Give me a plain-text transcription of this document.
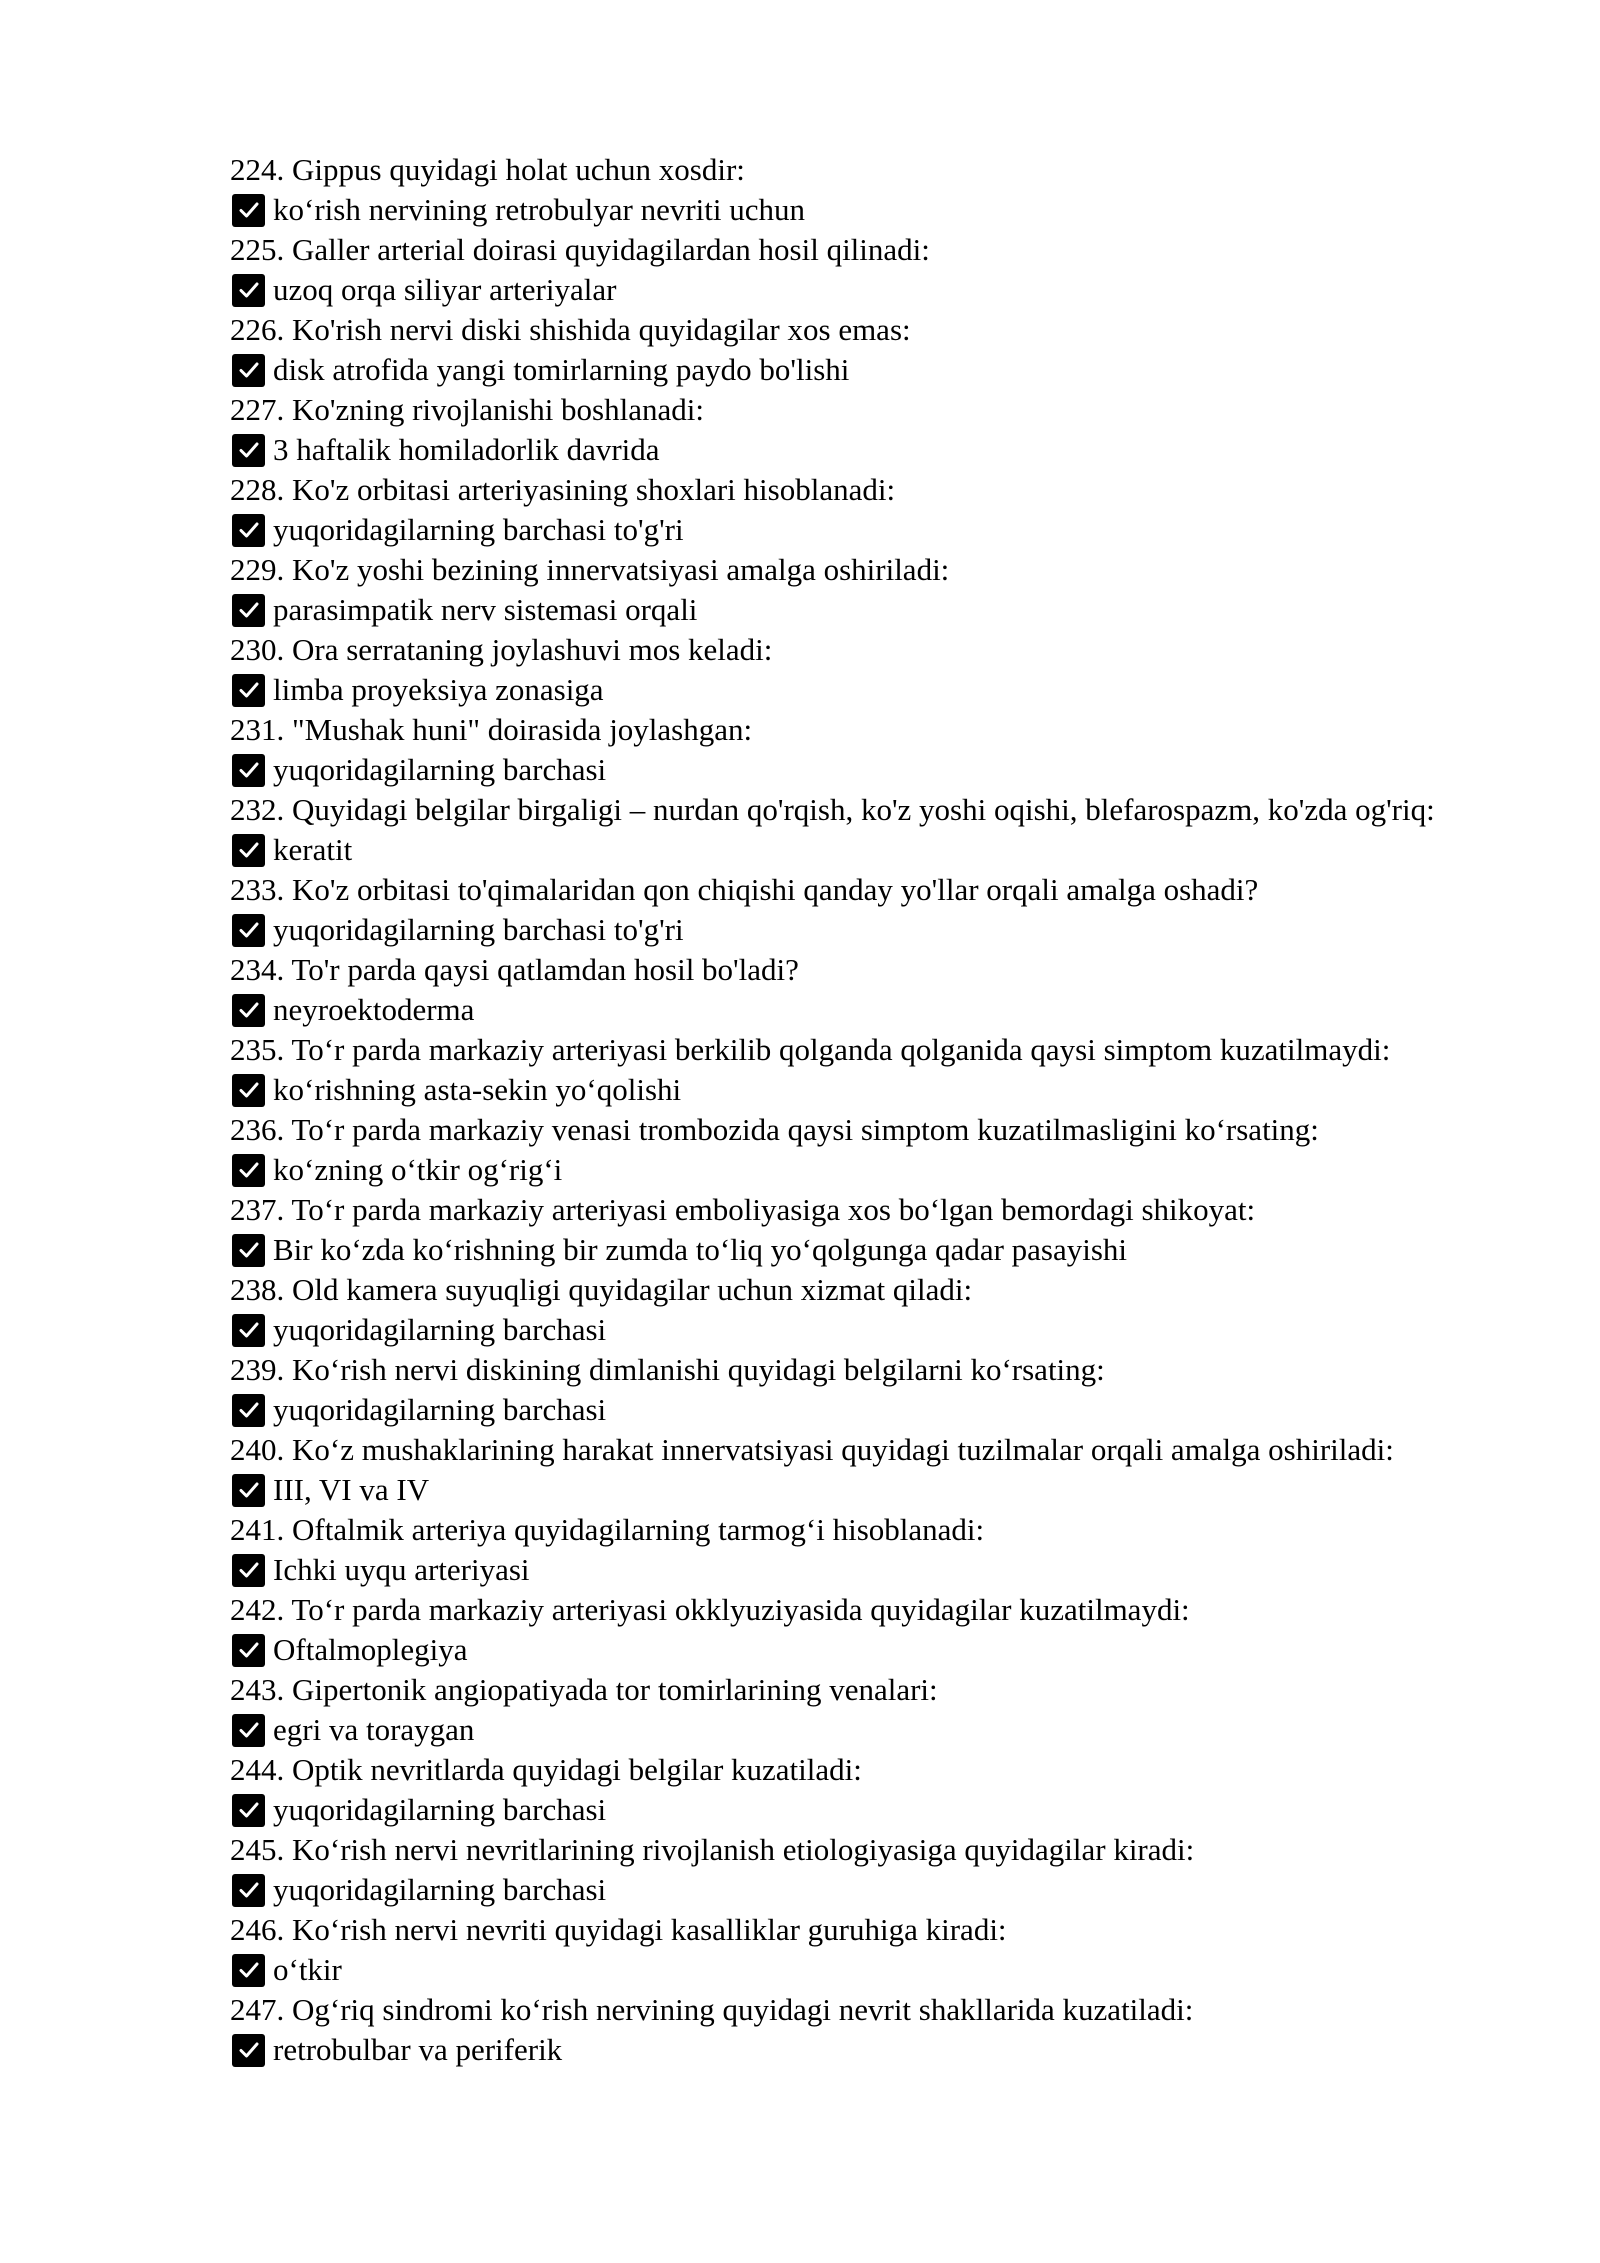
224. Gippus quyidagi holat uchun xosdir:
ko‘rish nervining retrobulyar nevriti uchun
225. Galler arterial doirasi quyidagilardan hosil qilinadi:
uzoq orqa siliyar arteriyalar
226. Ko'rish nervi diski shishida quyidagilar xos emas:
disk atrofida yangi tomirlarning paydo bo'lishi
227. Ko'zning rivojlanishi boshlanadi:
3 haftalik homiladorlik davrida
228. Ko'z orbitasi arteriyasining shoxlari hisoblanadi:
yuqoridagilarning barchasi to'g'ri
229. Ko'z yoshi bezining innervatsiyasi amalga oshiriladi:
parasimpatik nerv sistemasi orqali
230. Ora serrataning joylashuvi mos keladi:
limba proyeksiya zonasiga
231. "Mushak huni" doirasida joylashgan:
yuqoridagilarning barchasi
232. Quyidagi belgilar birgaligi – nurdan qo'rqish, ko'z yoshi oqishi, blefarospazm, ko'zda og'riq:
keratit
233. Ko'z orbitasi to'qimalaridan qon chiqishi qanday yo'llar orqali amalga oshadi?
yuqoridagilarning barchasi to'g'ri
234. To'r parda qaysi qatlamdan hosil bo'ladi?
neyroektoderma
235. To‘r parda markaziy arteriyasi berkilib qolganda qolganida qaysi simptom kuzatilmaydi:
ko‘rishning asta-sekin yo‘qolishi
236. To‘r parda markaziy venasi trombozida qaysi simptom kuzatilmasligini ko‘rsating:
ko‘zning o‘tkir og‘rig‘i
237. To‘r parda markaziy arteriyasi emboliyasiga xos bo‘lgan bemordagi shikoyat:
Bir ko‘zda ko‘rishning bir zumda to‘liq yo‘qolgunga qadar pasayishi
238. Old kamera suyuqligi quyidagilar uchun xizmat qiladi:
yuqoridagilarning barchasi
239. Ko‘rish nervi diskining dimlanishi quyidagi belgilarni ko‘rsating:
yuqoridagilarning barchasi
240. Ko‘z mushaklarining harakat innervatsiyasi quyidagi tuzilmalar orqali amalga oshiriladi:
III, VI va IV
241. Oftalmik arteriya quyidagilarning tarmog‘i hisoblanadi:
Ichki uyqu arteriyasi
242. To‘r parda markaziy arteriyasi okklyuziyasida quyidagilar kuzatilmaydi:
Oftalmoplegiya
243. Gipertonik angiopatiyada tor tomirlarining venalari:
egri va toraygan
244. Optik nevritlarda quyidagi belgilar kuzatiladi:
yuqoridagilarning barchasi
245. Ko‘rish nervi nevritlarining rivojlanish etiologiyasiga quyidagilar kiradi:
yuqoridagilarning barchasi
246. Ko‘rish nervi nevriti quyidagi kasalliklar guruhiga kiradi:
o‘tkir
247. Og‘riq sindromi ko‘rish nervining quyidagi nevrit shakllarida kuzatiladi:
retrobulbar va periferik
